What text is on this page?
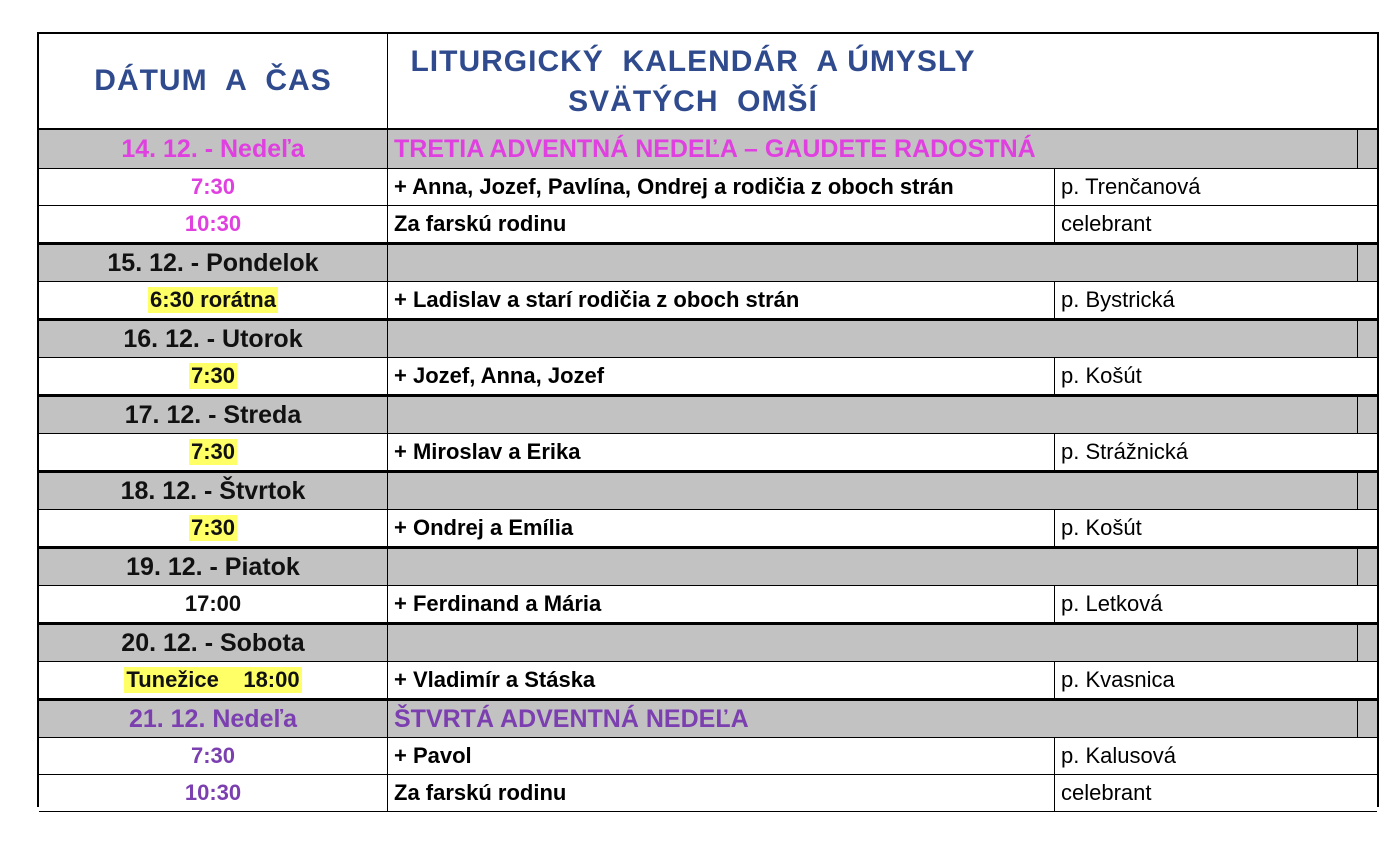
DÁTUM  A  ČAS
LITURGICKÝ  KALENDÁR  A ÚMYSLY
SVÄTÝCH  OMŠÍ
14. 12. - Nedeľa	TRETIA ADVENTNÁ NEDEĽA – GAUDETE RADOSTNÁ
7:30	+ Anna, Jozef, Pavlína, Ondrej a rodičia z oboch strán	p. Trenčanová
10:30	Za farskú rodinu	celebrant
15. 12. - Pondelok
6:30 rorátna	+ Ladislav a starí rodičia z oboch strán	p. Bystrická
16. 12. - Utorok
7:30	+ Jozef, Anna, Jozef	p. Košút
17. 12. - Streda
7:30	+ Miroslav a Erika	p. Strážnická
18. 12. - Štvrtok
7:30	+ Ondrej a Emília	p. Košút
19. 12. - Piatok
17:00	+ Ferdinand a Mária	p. Letková
20. 12. - Sobota
Tunežice    18:00	+ Vladimír a Stáska	p. Kvasnica
21. 12. Nedeľa	ŠTVRTÁ ADVENTNÁ NEDEĽA
7:30	+ Pavol	p. Kalusová
10:30	Za farskú rodinu	celebrant
